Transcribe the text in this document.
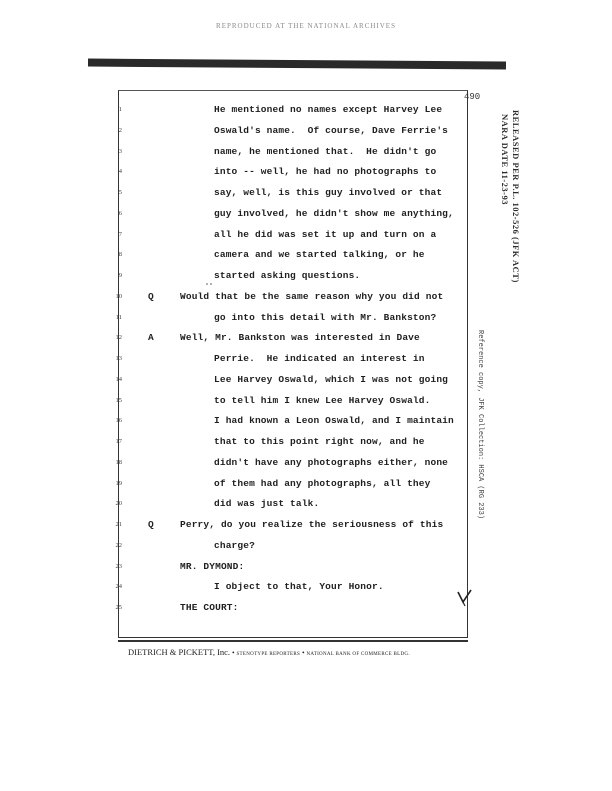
REPRODUCED AT THE NATIONAL ARCHIVES
490
1	He mentioned no names except Harvey Lee
2	Oswald's name.  Of course, Dave Ferrie's
3	name, he mentioned that.  He didn't go
4	into -- well, he had no photographs to
5	say, well, is this guy involved or that
6	guy involved, he didn't show me anything,
7	all he did was set it up and turn on a
8	camera and we started talking, or he
9	started asking questions.
10	Q	Would that be the same reason why you did not
11	go into this detail with Mr. Bankston?
12	A	Well, Mr. Bankston was interested in Dave
13	Perrie.  He indicated an interest in
14	Lee Harvey Oswald, which I was not going
15	to tell him I knew Lee Harvey Oswald.
16	I had known a Leon Oswald, and I maintain
17	that to this point right now, and he
18	didn't have any photographs either, none
19	of them had any photographs, all they
20	did was just talk.
21	Q	Perry, do you realize the seriousness of this
22	charge?
23	MR. DYMOND:
24	I object to that, Your Honor.
25	THE COURT:
DIETRICH & PICKETT, Inc. • STENOTYPE REPORTERS • NATIONAL BANK OF COMMERCE BLDG.
RELEASED PER P.L. 102-526 (JFK ACT)
NARA DATE 11-23-93
Reference copy, JFK Collection: HSCA (RG 233)
